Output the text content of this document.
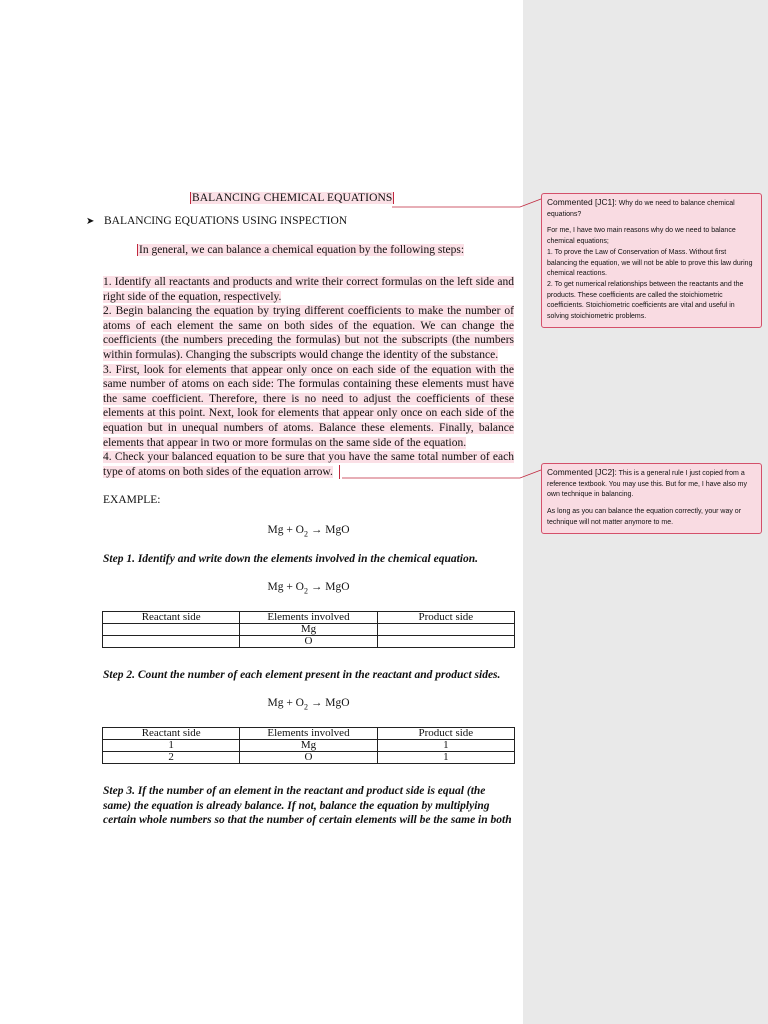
BALANCING CHEMICAL EQUATIONS
➤ BALANCING EQUATIONS USING INSPECTION
In general, we can balance a chemical equation by the following steps:

1. Identify all reactants and products and write their correct formulas on the left side and right side of the equation, respectively.

2. Begin balancing the equation by trying different coefficients to make the number of atoms of each element the same on both sides of the equation. We can change the coefficients (the numbers preceding the formulas) but not the subscripts (the numbers within formulas). Changing the subscripts would change the identity of the substance.

3. First, look for elements that appear only once on each side of the equation with the same number of atoms on each side: The formulas containing these elements must have the same coefficient. Therefore, there is no need to adjust the coefficients of these elements at this point. Next, look for elements that appear only once on each side of the equation but in unequal numbers of atoms. Balance these elements. Finally, balance elements that appear in two or more formulas on the same side of the equation.

4. Check your balanced equation to be sure that you have the same total number of each type of atoms on both sides of the equation arrow.

EXAMPLE:
$Mg + O_2$ → MgO
Step 1. Identify and write down the elements involved in the chemical equation.
$Mg + O_2$ → MgO
Reactant side	Elements involved	Product side
	Mg	
	O	
Step 2. Count the number of each element present in the reactant and product sides.
$Mg + O_2$ → MgO
Reactant side	Elements involved	Product side
1	Mg	1
2	O	1
Step 3. If the number of an element in the reactant and product side is equal (the same) the equation is already balance. If not, balance the equation by multiplying certain whole numbers so that the number of certain elements will be the same in both

Commented [JC1]: Why do we need to balance chemical equations?

For me, I have two main reasons why do we need to balance chemical equations;

1. To prove the Law of Conservation of Mass. Without first balancing the equation, we will not be able to prove this law during chemical reactions.

2. To get numerical relationships between the reactants and the products. These coefficients are called the stoichiometric coefficients. Stoichiometric coefficients are vital and useful in solving stoichiometric problems.

Commented [JC2]: This is a general rule I just copied from a reference textbook. You may use this. But for me, I have also my own technique in balancing.

As long as you can balance the equation correctly, your way or technique will not matter anymore to me.
